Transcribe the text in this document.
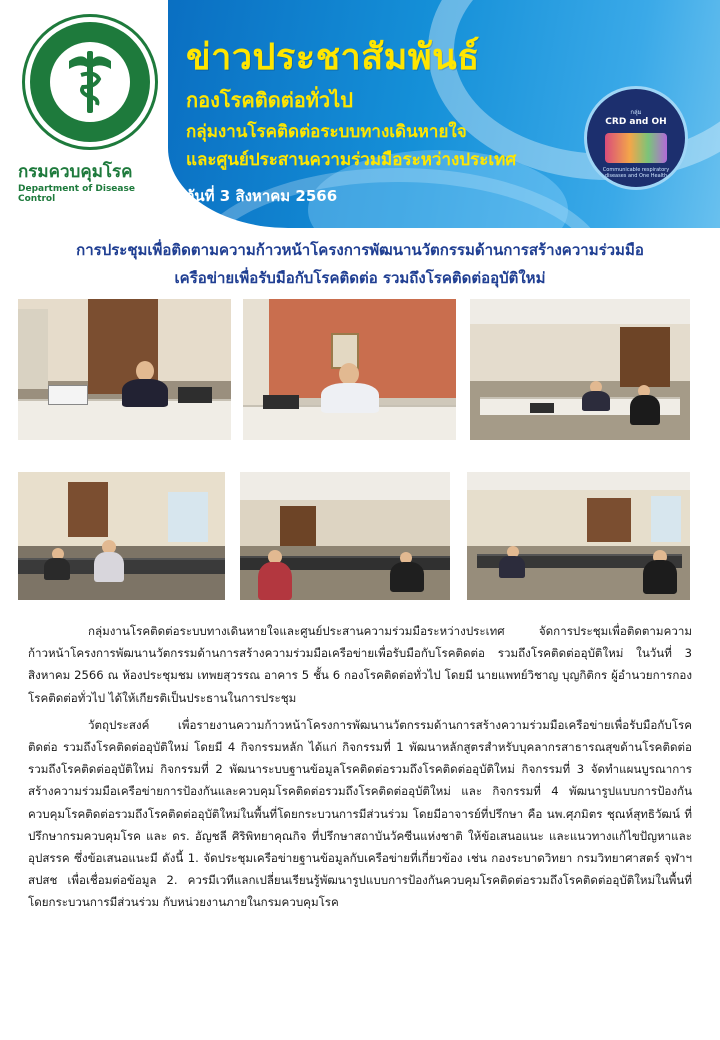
กรมควบคุมโรค
Department of Disease Control
ข่าวประชาสัมพันธ์
กองโรคติดต่อทั่วไป
กลุ่มงานโรคติดต่อระบบทางเดินหายใจ
และศูนย์ประสานความร่วมมือระหว่างประเทศ
วันที่ 3 สิงหาคม 2566
กลุ่ม
CRD and OH
Communicable respiratory diseases and One Health
การประชุมเพื่อติดตามความก้าวหน้าโครงการพัฒนานวัตกรรมด้านการสร้างความร่วมมือ
เครือข่ายเพื่อรับมือกับโรคติดต่อ รวมถึงโรคติดต่ออุบัติใหม่

กลุ่มงานโรคติดต่อระบบทางเดินหายใจและศูนย์ประสานความร่วมมือระหว่างประเทศ จัดการประชุมเพื่อติดตามความก้าวหน้าโครงการพัฒนานวัตกรรมด้านการสร้างความร่วมมือเครือข่ายเพื่อรับมือกับโรคติดต่อ รวมถึงโรคติดต่ออุบัติใหม่ ในวันที่ 3 สิงหาคม 2566 ณ ห้องประชุมชม เทพยสุวรรณ อาคาร 5 ชั้น 6 กองโรคติดต่อทั่วไป โดยมี นายแพทย์วิชาญ บุญกิติกร ผู้อำนวยการกองโรคติดต่อทั่วไป ได้ให้เกียรติเป็นประธานในการประชุม

วัตถุประสงค์ เพื่อรายงานความก้าวหน้าโครงการพัฒนานวัตกรรมด้านการสร้างความร่วมมือเครือข่ายเพื่อรับมือกับโรคติดต่อ รวมถึงโรคติดต่ออุบัติใหม่ โดยมี 4 กิจกรรมหลัก ได้แก่ กิจกรรมที่ 1 พัฒนาหลักสูตรสำหรับบุคลากรสาธารณสุขด้านโรคติดต่อรวมถึงโรคติดต่ออุบัติใหม่ กิจกรรมที่ 2 พัฒนาระบบฐานข้อมูลโรคติดต่อรวมถึงโรคติดต่ออุบัติใหม่ กิจกรรมที่ 3 จัดทำแผนบูรณาการสร้างความร่วมมือเครือข่ายการป้องกันและควบคุมโรคติดต่อรวมถึงโรคติดต่ออุบัติใหม่ และ กิจกรรมที่ 4 พัฒนารูปแบบการป้องกันควบคุมโรคติดต่อรวมถึงโรคติดต่ออุบัติใหม่ในพื้นที่โดยกระบวนการมีส่วนร่วม โดยมีอาจารย์ที่ปรึกษา คือ นพ.ศุภมิตร ชุณห์สุทธิวัฒน์ ที่ปรึกษากรมควบคุมโรค และ ดร. อัญชลี ศิริพิทยาคุณกิจ ที่ปรึกษาสถาบันวัคซีนแห่งชาติ ให้ข้อเสนอแนะ และแนวทางแก้ไขปัญหาและอุปสรรค ซึ่งข้อเสนอแนะมี ดังนี้ 1. จัดประชุมเครือข่ายฐานข้อมูลกับเครือข่ายที่เกี่ยวข้อง เช่น กองระบาดวิทยา กรมวิทยาศาสตร์ จุฬาฯ สปสช เพื่อเชื่อมต่อข้อมูล 2. ควรมีเวทีแลกเปลี่ยนเรียนรู้พัฒนารูปแบบการป้องกันควบคุมโรคติดต่อรวมถึงโรคติดต่ออุบัติใหม่ในพื้นที่โดยกระบวนการมีส่วนร่วม กับหน่วยงานภายในกรมควบคุมโรค
